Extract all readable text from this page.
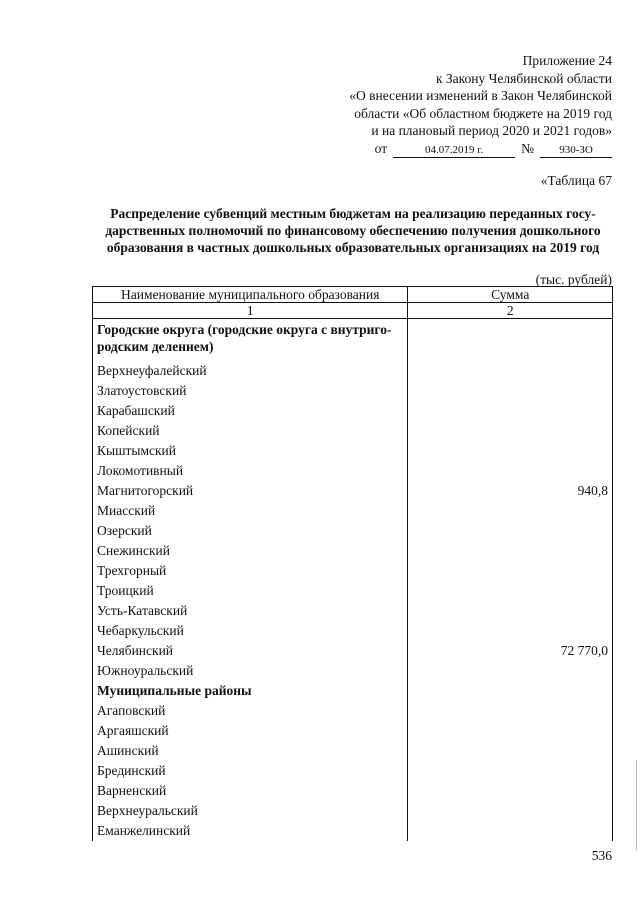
Приложение 24
к Закону Челябинской области
«О внесении изменений в Закон Челябинской
области «Об областном бюджете на 2019 год
и на плановый период 2020 и 2021 годов»
от	04.07.2019 г.	№	930-ЗО
«Таблица 67
Распределение субвенций местным бюджетам на реализацию переданных госу-дарственных полномочий по финансовому обеспечению получения дошкольного образования в частных дошкольных образовательных организациях на 2019 год
(тыс. рублей)
Наименование муниципального образования	Сумма
1	2
Городские округа (городские округа с внутриго-родским делением)	
Верхнеуфалейский	
Златоустовский	
Карабашский	
Копейский	
Кыштымский	
Локомотивный	
Магнитогорский	940,8
Миасский	
Озерский	
Снежинский	
Трехгорный	
Троицкий	
Усть-Катавский	
Чебаркульский	
Челябинский	72 770,0
Южноуральский	
Муниципальные районы	
Агаповский	
Аргаяшский	
Ашинский	
Брединский	
Варненский	
Верхнеуральский	
Еманжелинский	
536
